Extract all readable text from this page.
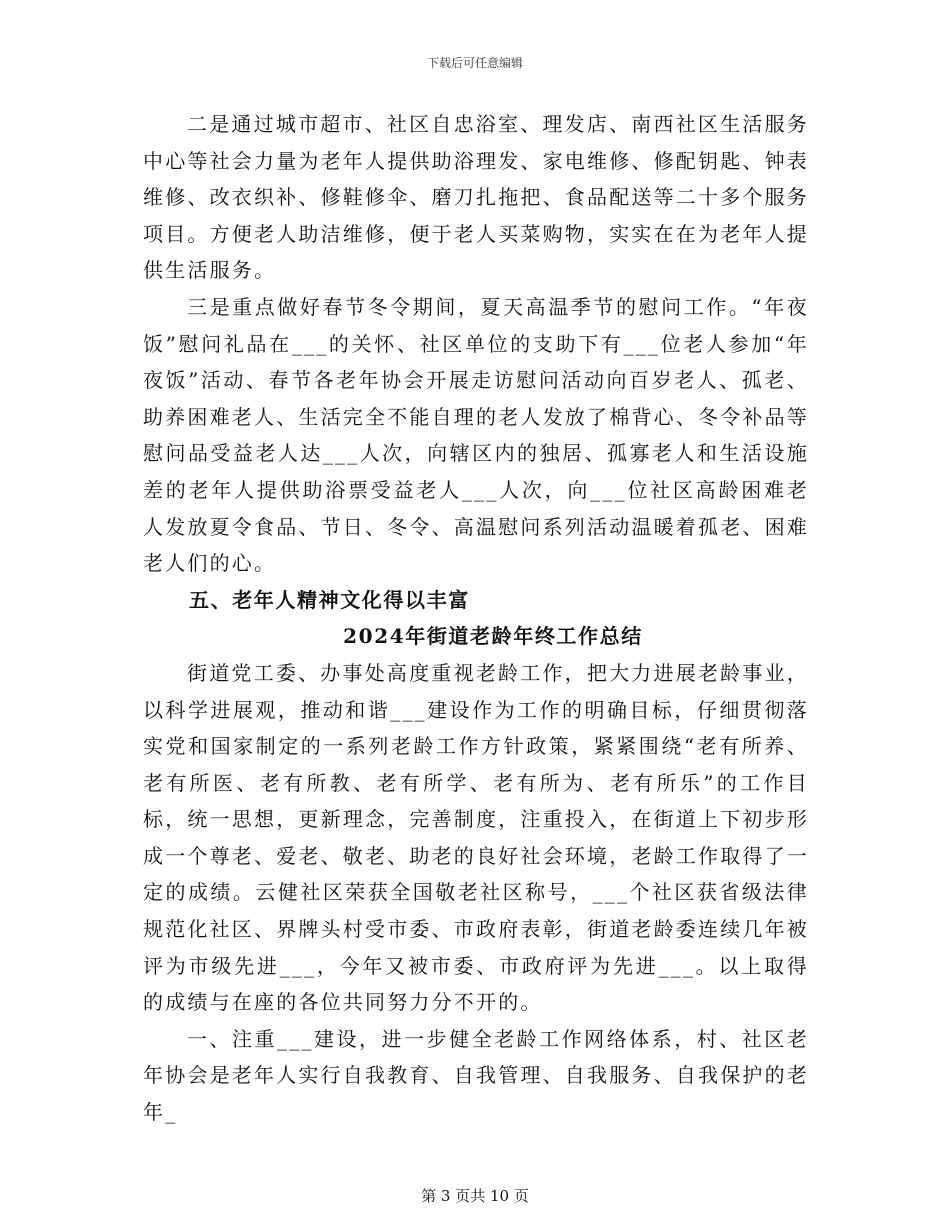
下载后可任意编辑

二是通过城市超市、社区自忠浴室、理发店、南西社区生活服务中心等社会力量为老年人提供助浴理发、家电维修、修配钥匙、钟表维修、改衣织补、修鞋修伞、磨刀扎拖把、食品配送等二十多个服务项目。方便老人助洁维修，便于老人买菜购物，实实在在为老年人提供生活服务。

三是重点做好春节冬令期间，夏天高温季节的慰问工作。“年夜饭”慰问礼品在___的关怀、社区单位的支助下有___位老人参加“年夜饭”活动、春节各老年协会开展走访慰问活动向百岁老人、孤老、助养困难老人、生活完全不能自理的老人发放了棉背心、冬令补品等慰问品受益老人达___人次，向辖区内的独居、孤寡老人和生活设施差的老年人提供助浴票受益老人___人次，向___位社区高龄困难老人发放夏令食品、节日、冬令、高温慰问系列活动温暖着孤老、困难老人们的心。

五、老年人精神文化得以丰富
2024年街道老龄年终工作总结

街道党工委、办事处高度重视老龄工作，把大力进展老龄事业，以科学进展观，推动和谐___建设作为工作的明确目标，仔细贯彻落实党和国家制定的一系列老龄工作方针政策，紧紧围绕“老有所养、老有所医、老有所教、老有所学、老有所为、老有所乐”的工作目标，统一思想，更新理念，完善制度，注重投入，在街道上下初步形成一个尊老、爱老、敬老、助老的良好社会环境，老龄工作取得了一定的成绩。云健社区荣获全国敬老社区称号，___个社区获省级法律规范化社区、界牌头村受市委、市政府表彰，街道老龄委连续几年被评为市级先进___，今年又被市委、市政府评为先进___。以上取得的成绩与在座的各位共同努力分不开的。

一、注重___建设，进一步健全老龄工作网络体系，村、社区老年协会是老年人实行自我教育、自我管理、自我服务、自我保护的老年_

第 3 页共 10 页
